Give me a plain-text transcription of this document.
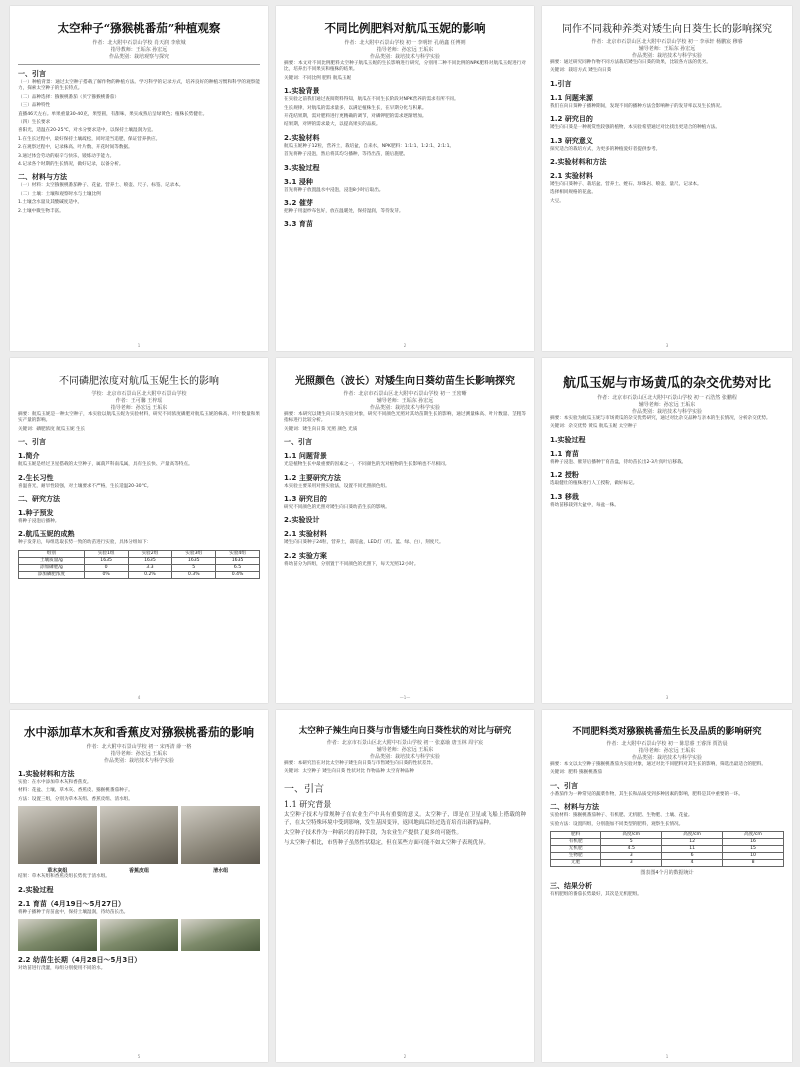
太空种子“猕猴桃番茄”种植观察
作者：北大附中石景山学校 肖天润 李欣城
指导教师：王垢东 孙宏远
作品类别：栽培观察与探究
一、引言

（一）种植背景：通过太空种子搭载了解作物的种植方法。学习科学的记录方式，培养良好的种植习惯和科学的观察能力，探索太空种子的生长特点。

（二）品种选择：猕猴桃番茄（贝宁猕猴桃番茄）

（三）品种特性

直播46天左右。单果重量30-40克，果型圆，有甜味，果实成熟后呈绿黄色；植株长势健壮。

（四）生长要求

喜阳光，适温在20-25℃，对水分要求适中，以保持土壤湿润为宜。

1.在生长过程中，最好保持土壤疏松，同时适当追肥，保证营养供应。

2.在观察过程中，记录株高、叶片数、开花时间等数据。

3.通过体会劳动的艰辛与快乐，锻炼动手能力。

4.记录各个时期的生长情况，做好记录，以备分析。

二、材料与方法

（一）材料：太空猕猴桃番茄种子、花盆、营养土、喷壶、尺子、标签、记录本。

（二）土壤：土壤和观察时水与土壤比例

1.土壤含水量及其酸碱度适中。

2.土壤中微生物丰富。

1
不同比例肥料对航瓜玉妮的影响
作者：北大附中石景山学校 初一 李明轩 孔萌鑫 任博则
指导老师：孙宏远 王垢东
作品类别：栽培技术与科学实验

摘要：本文对不同比例肥料太空种子航瓜玉妮的生长影响进行研究，分别用二种不同比例的NPK肥料对航瓜玉妮进行对比，培养出不同果实和植株的结果。

关键词：不同比例 肥料 航瓜玉妮

1.实验背景

在实验之前我们通过查阅资料得知，航瓜在不同生长阶段对NPK营养的需求有所不同。

生长规律，对航瓜的需求量多，以满足植株生长，在早期分化与积累。

开花结果期，需对肥料进行更精确的调节，对磷钾肥的需求逐渐增加。

结果期，对钾的需求最大，以提高果实的品质。

2.实验材料

航瓜玉妮种子12粒，营养土，栽培盆，自来水，NPK肥料：1:1:1、1:2:1、2:1:1。

首先将种子浸泡，然后将其均匀播种，等待出苗，随后施肥。

3.实验过程
3.1 浸种

首先将种子放置温水中浸泡，浸泡8小时后取出。

3.2 催芽

把种子用湿纱布包好，放在温暖处，保持湿润，等待发芽。

3.3 育苗
2
同作不同栽种养类对矮生向日葵生长的影响探究
作者：北京市石景山区北大附中石景山学校 初一 李承轩 杨鹏宸 穆睿
辅导老师：王垢东 孙宏远
作品类别：栽培技术与科学实验

摘要：通过研究同种作物不同方法栽培矮生向日葵的效果，比较各方法的优劣。

关键词：栽培方式 矮生向日葵

1.引言
1.1 问题来源

我们在向日葵种子播种期间，发现不同的播种方法会影响种子的发芽率以及生长情况。

1.2 研究目的

矮生向日葵是一种观赏性较强的植物，本实验希望通过对比找出更适合的种植方法。

1.3 研究意义

探究适合的栽培方式，为更多的种植爱好者提供参考。

2.实验材料和方法
2.1 实验材料

矮生向日葵种子、栽培盆、营养土、蛭石、珍珠岩、喷壶、量尺、记录本。

选择相同规格的花盆。

大豆。

3
不同磷肥浓度对航瓜玉妮生长的影响
学校：北京市石景山区北大附中石景山学校
作者：王可馨 王梓瑶
指导老师：孙宏远 王垢东

摘要：航瓜玉妮是一种太空种子，本实验以航瓜玉妮为实验材料，研究不同浓度磷肥对航瓜玉妮的株高、叶片数量和果实产量的影响。

关键词：磷肥浓度 航瓜玉妮 生长

一、引言
1.简介

航瓜玉妮是经过卫星搭载的太空种子，属葫芦科南瓜属，具有生长快、产量高等特点。

2.生长习性

喜温喜光，耐旱性较强，对土壤要求不严格，生长适温20-30℃。

二、研究方法
1.种子预发

将种子浸泡后播种。

2.航瓜玉妮的成熟

种子发芽后，每组选取长势一致的幼苗进行实验，具体分组如下：

组别	实验1组	实验2组	实验3组	实验4组
土壤质量/g	1635	1635	1635	1635
添加磷肥/g	0	3.3	5	6.5
添加磷肥浓度	0%	0.2%	0.3%	0.4%
4
光照颜色（波长）对矮生向日葵幼苗生长影响探究
作者：北京市石景山区北大附中石景山学校 初一 王密晰
辅导老师：王垢东 孙宏远
作品类别：栽培技术与科学实验

摘要：本研究以矮生向日葵为实验对象，研究不同颜色光照对其幼苗期生长的影响，通过测量株高、叶片数量、茎粗等指标进行比较分析。

关键词：矮生向日葵 光照 颜色 光质

一、引言
1.1 问题背景

光是植物生长中最重要的因素之一，不同颜色的光对植物的生长影响也不尽相同。

1.2 主要研究方法

本实验主要采用对照实验法，设置不同光照颜色组。

1.3 研究目的

研究不同颜色的光照对矮生向日葵幼苗生长的影响。

2.实验设计
2.1 实验材料

矮生向日葵种子24粒，营养土，栽培盆，LED灯（红、蓝、绿、白），刻度尺。

2.2 实验方案

将幼苗分为四组，分别置于不同颜色的光照下，每天光照12小时。

—1—
航瓜玉妮与市场黄瓜的杂交优势对比
作者：北京市石景山区北大附中石景山学校 初一 石浩然 张鹏程
辅导老师：孙宏远 王垢东
作品类别：栽培技术与科学实验

摘要：本实验为航瓜玉妮与市场黄瓜的杂交优势研究，通过对比杂交品种与亲本的生长情况，分析杂交优势。

关键词：杂交优势 黄瓜 航瓜玉妮 太空种子

1.实验过程
1.1 育苗

将种子浸泡、催芽后播种于育苗盘，待幼苗长出2-3片真叶后移栽。

1.2 授粉

选取健壮的植株进行人工授粉，做好标记。

1.3 移栽

将幼苗移栽到大盆中，每盆一株。

3
水中添加草木灰和香蕉皮对猕猴桃番茄的影响
作者：北大附中石景山学校 初一 宋再清 薛一格
指导老师：孙宏远 王垢东
作品类别：栽培技术与科学实验
1.实验材料和方法

实验：在水中添加草木灰和香蕉皮。

材料：花盆、土壤、草木灰、香蕉皮、猕猴桃番茄种子。

方法：设置三组，分别为草木灰组、香蕉皮组、清水组。

草木灰组	香蕉皮组	清水组

结果：草木灰组和香蕉皮组长势优于清水组。

2.实验过程
2.1 育苗（4月19日～5月27日）

将种子播种于育苗盆中，保持土壤湿润，待幼苗长出。

2.2 幼苗生长期（4月28日～5月3日）

对幼苗进行浇灌，每组分别使用不同的水。

5
太空种子辣生向日葵与市售矮生向日葵性状的对比与研究
作者：北京市石景山区北大附中石景山学校 初一 张嘉瑜 唐玉林 周宇宸
辅导老师：孙宏远 王垢东
作品类别：栽培技术与科学实验

摘要：本研究旨在对比太空种子矮生向日葵与市售矮生向日葵的性状差异。

关键词：太空种子 矮生向日葵 性状对比 作物品种 太空育种品种

一、引言
1.1 研究背景

太空种子技术与常规种子在农业生产中具有重要的意义。太空种子，即是在卫星或飞船上搭载的种子，在太空特殊环境中受到影响，发生基因变异，返回地面后经过选育培育出新的品种。

太空种子技术作为一种新兴的育种手段，为农业生产提供了更多的可能性。

与太空种子相比，市售种子虽然性状稳定，但在某些方面可能不如太空种子表现优异。

2
不同肥料类对猕猴桃番茄生长及品质的影响研究
作者：北大附中石景山学校 初一 陈思睿 王睿泽 贾浩晨
指导老师：孙宏远 王垢东
作品类别：栽培技术与科学实验

摘要：本文以太空种子猕猴桃番茄为实验对象，通过对比不同肥料对其生长的影响，筛选出最适合的肥料。

关键词：肥料 猕猴桃番茄

一、引言

小番茄作为一种常见的蔬菜作物，其生长和品质受到多种因素的影响，肥料是其中重要的一环。

二、材料与方法

实验材料：猕猴桃番茄种子、有机肥、无机肥、生物肥、土壤、花盆。

实验方法：设置四组，分别施加不同类型的肥料，观察生长情况。

肥料	高度/cm	高度/cm	高度/cm
有机肥	5	12	16
无机肥	4.5	11	15
生物肥	3	6	10
无肥	3	4	8
图表图4个月的数据统计
三、结果分析

有机肥组的番茄长势最好，其次是无机肥组。

1
